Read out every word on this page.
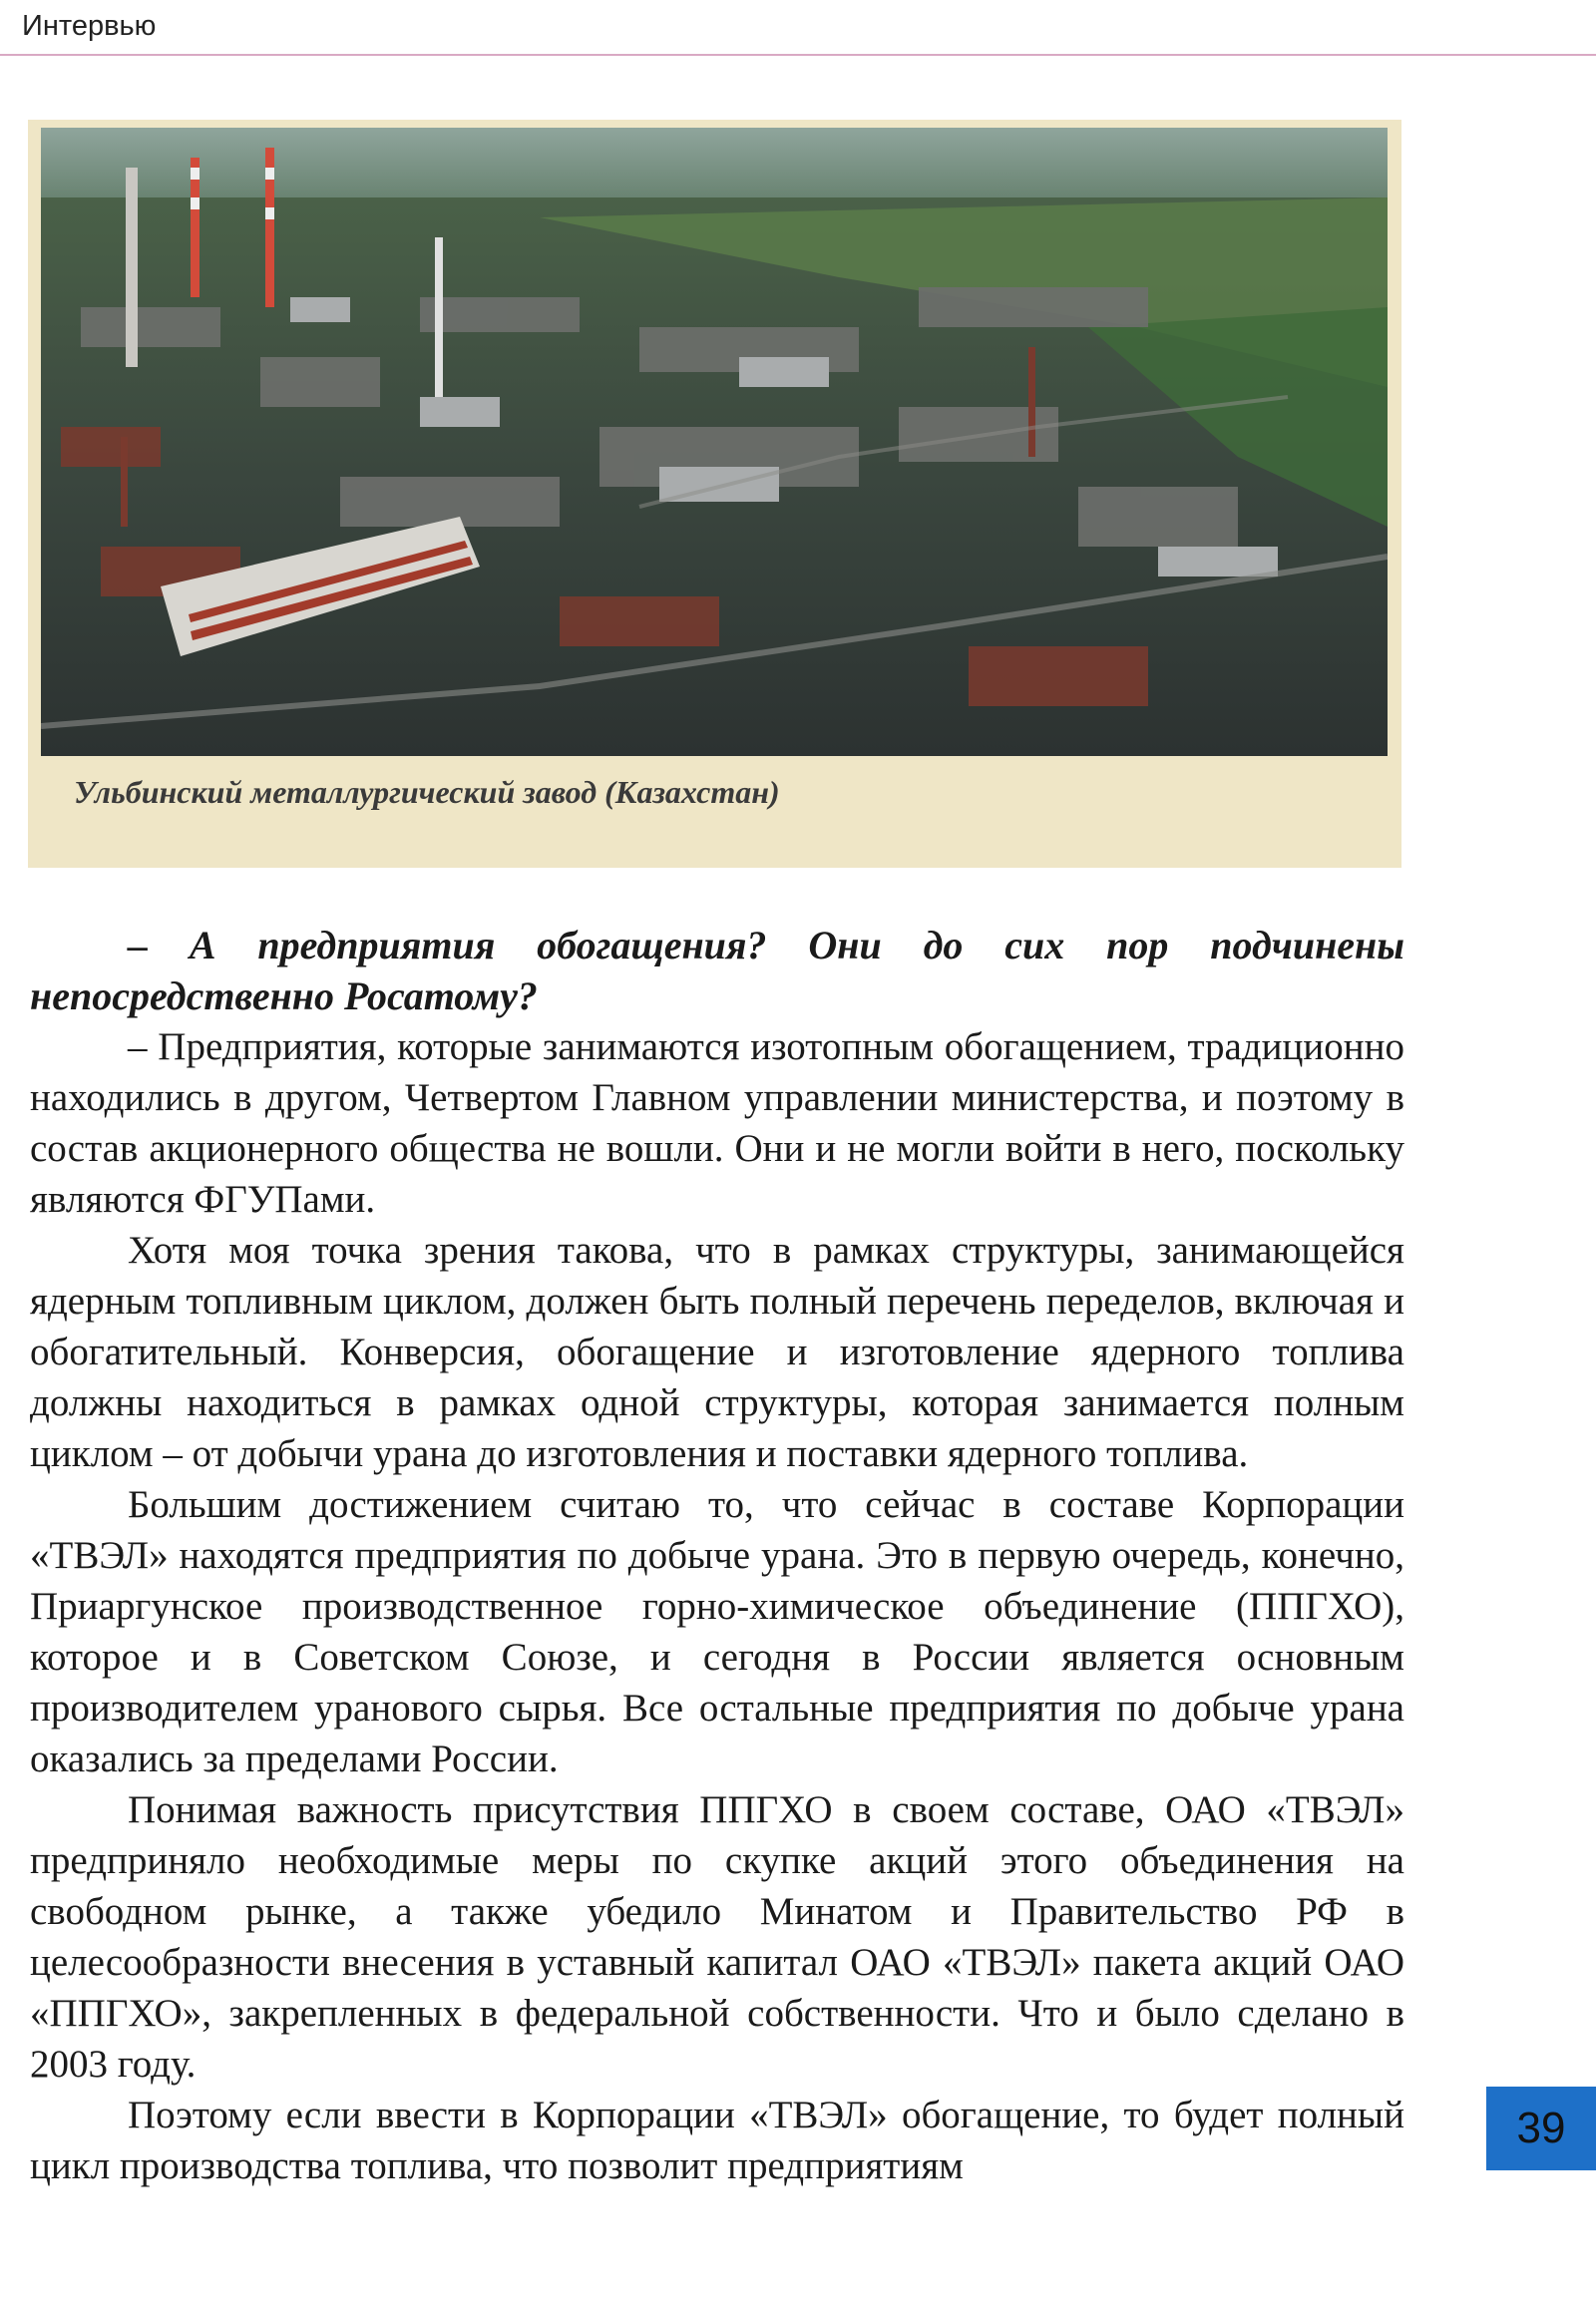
Интервью
Ульбинский металлургический завод (Казахстан)

– А предприятия обогащения? Они до сих пор подчинены непосредственно Росатому?

– Предприятия, которые занимаются изотопным обогащением, традиционно находились в другом, Четвертом Главном управлении министерства, и поэтому в состав акционерного общества не вошли. Они и не могли войти в него, поскольку являются ФГУПами.

Хотя моя точка зрения такова, что в рамках структуры, занимающейся ядерным топливным циклом, должен быть полный перечень переделов, включая и обогатительный. Конверсия, обогащение и изготовление ядерного топлива должны находиться в рамках одной структуры, которая занимается полным циклом – от добычи урана до изготовления и поставки ядерного топлива.

Большим достижением считаю то, что сейчас в составе Корпорации «ТВЭЛ» находятся предприятия по добыче урана. Это в первую очередь, конечно, Приаргунское производственное горно-химическое объединение (ППГХО), которое и в Советском Союзе, и сегодня в России является основным производителем уранового сырья. Все остальные предприятия по добыче урана оказались за пределами России.

Понимая важность присутствия ППГХО в своем составе, ОАО «ТВЭЛ» предприняло необходимые меры по скупке акций этого объединения на свободном рынке, а также убедило Минатом и Правительство РФ в целесообразности внесения в уставный капитал ОАО «ТВЭЛ» пакета акций ОАО «ППГХО», закрепленных в федеральной собственности. Что и было сделано в 2003 году.

Поэтому если ввести в Корпорации «ТВЭЛ» обогащение, то будет полный цикл производства топлива, что позволит предприятиям

39
